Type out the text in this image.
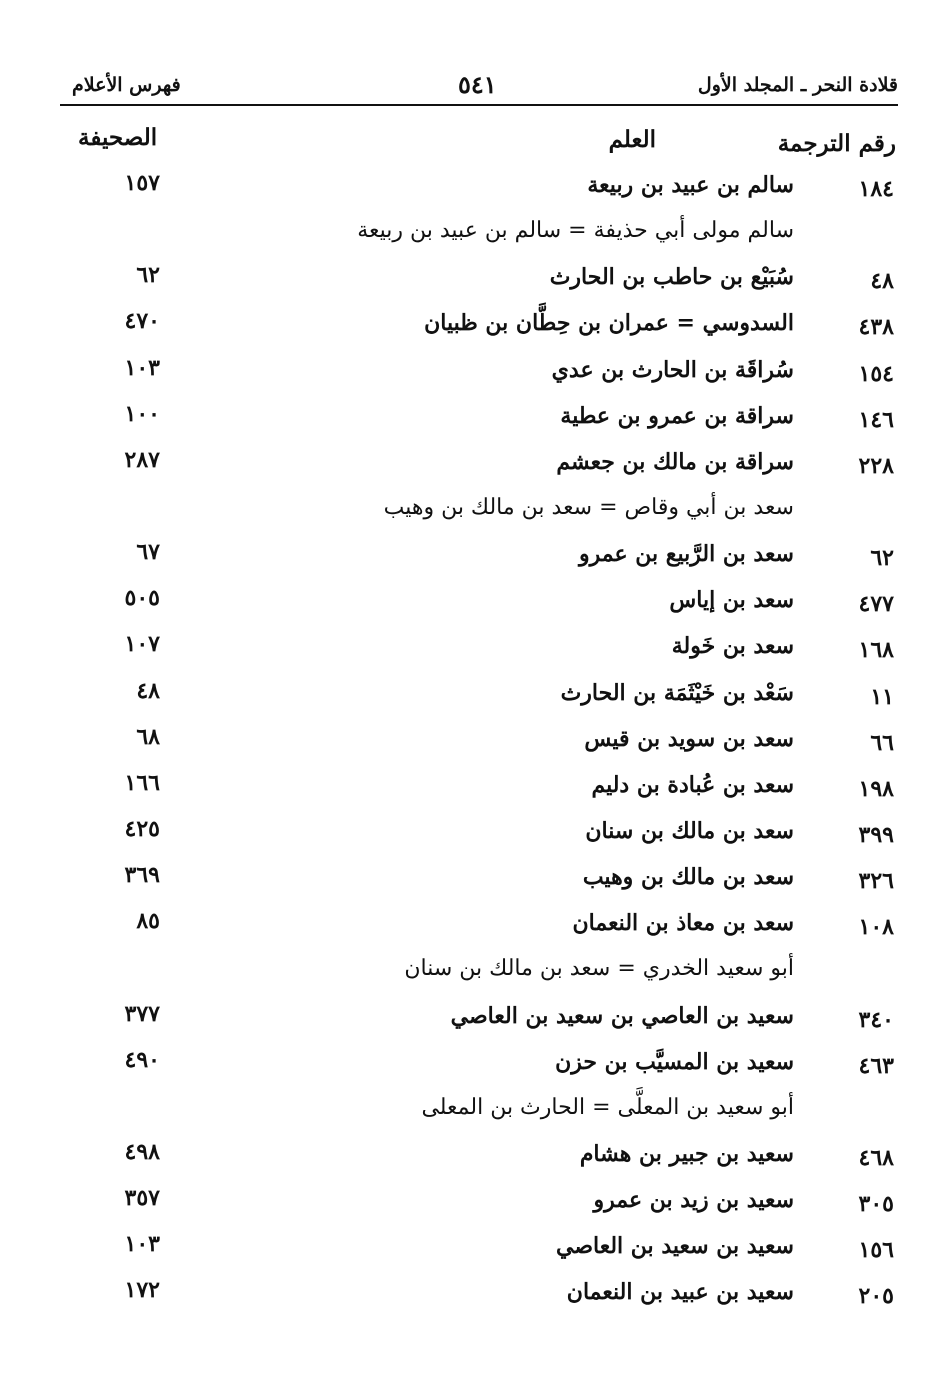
قلادة النحر ـ المجلد الأول
٥٤١
فهرس الأعلام
رقم الترجمة
العلم
الصحيفة
١٨٤
سالم بن عبيد بن ربيعة
١٥٧
سالم مولى أبي حذيفة = سالم بن عبيد بن ربيعة
٤٨
سُبَيْع بن حاطب بن الحارث
٦٢
٤٣٨
السدوسي = عمران بن حِطَّان بن ظبيان
٤٧٠
١٥٤
سُراقَة بن الحارث بن عدي
١٠٣
١٤٦
سراقة بن عمرو بن عطية
١٠٠
٢٢٨
سراقة بن مالك بن جعشم
٢٨٧
سعد بن أبي وقاص = سعد بن مالك بن وهيب
٦٢
سعد بن الرَّبيع بن عمرو
٦٧
٤٧٧
سعد بن إياس
٥٠٥
١٦٨
سعد بن خَولة
١٠٧
١١
سَعْد بن خَيْثَمَة بن الحارث
٤٨
٦٦
سعد بن سويد بن قيس
٦٨
١٩٨
سعد بن عُبادة بن دليم
١٦٦
٣٩٩
سعد بن مالك بن سنان
٤٢٥
٣٢٦
سعد بن مالك بن وهيب
٣٦٩
١٠٨
سعد بن معاذ بن النعمان
٨٥
أبو سعيد الخدري = سعد بن مالك بن سنان
٣٤٠
سعيد بن العاصي بن سعيد بن العاصي
٣٧٧
٤٦٣
سعيد بن المسيَّب بن حزن
٤٩٠
أبو سعيد بن المعلَّى = الحارث بن المعلى
٤٦٨
سعيد بن جبير بن هشام
٤٩٨
٣٠٥
سعيد بن زيد بن عمرو
٣٥٧
١٥٦
سعيد بن سعيد بن العاصي
١٠٣
٢٠٥
سعيد بن عبيد بن النعمان
١٧٢
